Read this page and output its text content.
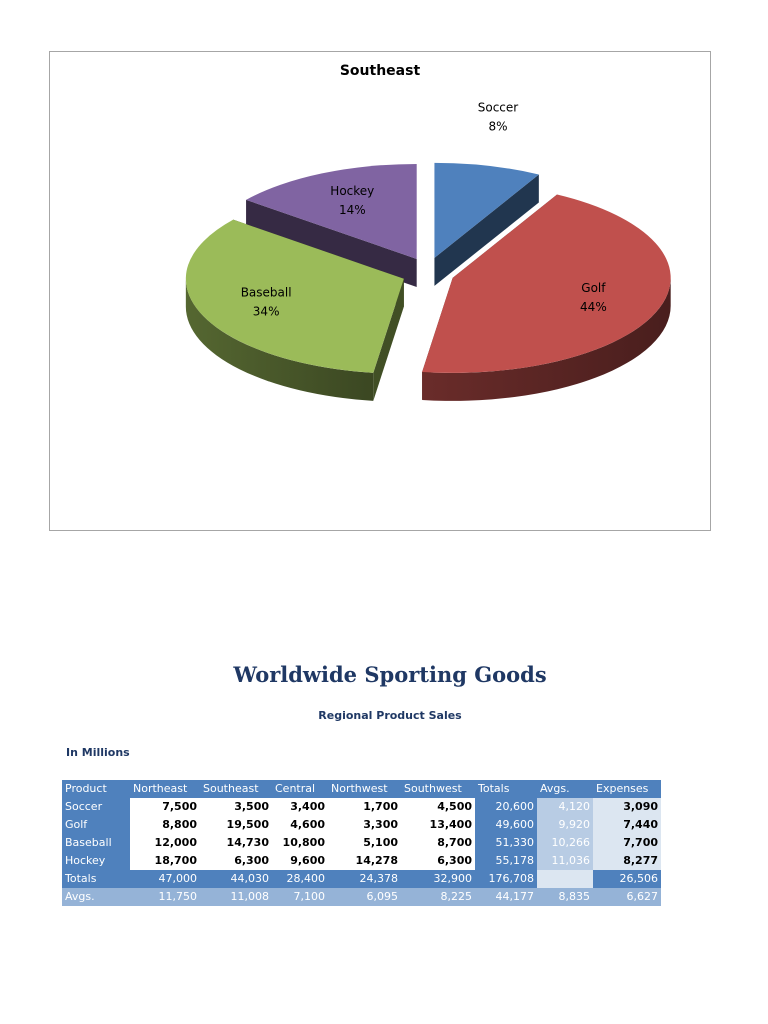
Southeast
Soccer
8%
Golf
44%
Baseball
34%
Hockey
14%
Worldwide Sporting Goods
Regional Product Sales
In Millions
Product	Northeast	Southeast	Central	Northwest	Southwest	Totals	Avgs.	Expenses
Soccer	7,500	3,500	3,400	1,700	4,500	20,600	4,120	3,090
Golf	8,800	19,500	4,600	3,300	13,400	49,600	9,920	7,440
Baseball	12,000	14,730	10,800	5,100	8,700	51,330	10,266	7,700
Hockey	18,700	6,300	9,600	14,278	6,300	55,178	11,036	8,277
Totals	47,000	44,030	28,400	24,378	32,900	176,708		26,506
Avgs.	11,750	11,008	7,100	6,095	8,225	44,177	8,835	6,627
